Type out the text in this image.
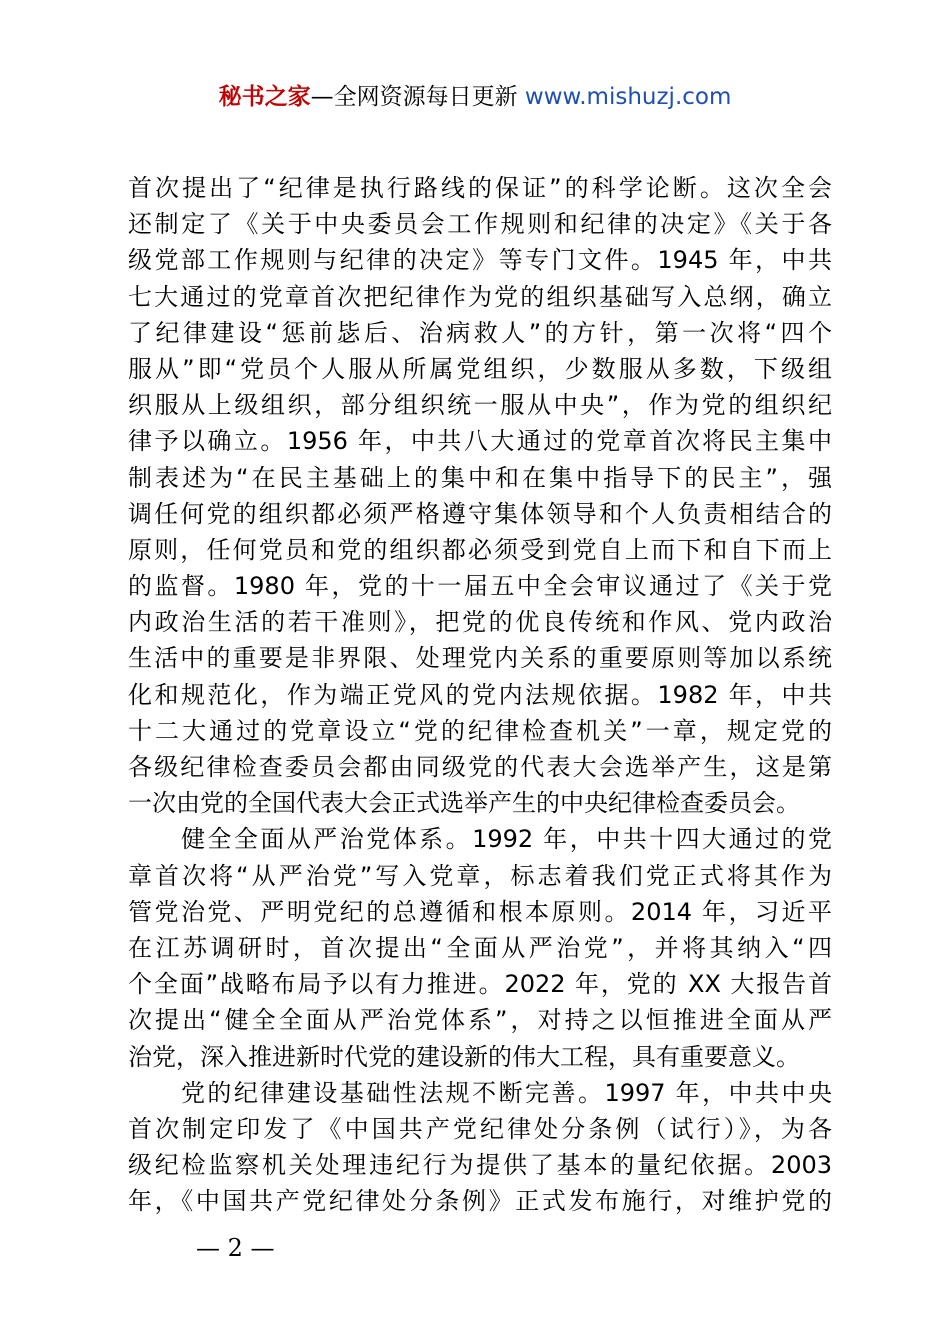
秘书之家—全网资源每日更新 www.mishuzj.com
首次提出了“纪律是执行路线的保证”的科学论断。这次全会
还制定了《关于中央委员会工作规则和纪律的决定》《关于各
级党部工作规则与纪律的决定》等专门文件。1945 年，中共
七大通过的党章首次把纪律作为党的组织基础写入总纲，确立
了纪律建设“惩前毖后、治病救人”的方针，第一次将“四个
服从”即“党员个人服从所属党组织，少数服从多数，下级组
织服从上级组织，部分组织统一服从中央”，作为党的组织纪
律予以确立。1956 年，中共八大通过的党章首次将民主集中
制表述为“在民主基础上的集中和在集中指导下的民主”，强
调任何党的组织都必须严格遵守集体领导和个人负责相结合的
原则，任何党员和党的组织都必须受到党自上而下和自下而上
的监督。1980 年，党的十一届五中全会审议通过了《关于党
内政治生活的若干准则》，把党的优良传统和作风、党内政治
生活中的重要是非界限、处理党内关系的重要原则等加以系统
化和规范化，作为端正党风的党内法规依据。1982 年，中共
十二大通过的党章设立“党的纪律检查机关”一章，规定党的
各级纪律检查委员会都由同级党的代表大会选举产生，这是第
一次由党的全国代表大会正式选举产生的中央纪律检查委员会。
　　健全全面从严治党体系。1992 年，中共十四大通过的党
章首次将“从严治党”写入党章，标志着我们党正式将其作为
管党治党、严明党纪的总遵循和根本原则。2014 年，习近平
在江苏调研时，首次提出“全面从严治党”，并将其纳入“四
个全面”战略布局予以有力推进。2022 年，党的 XX 大报告首
次提出“健全全面从严治党体系”，对持之以恒推进全面从严
治党，深入推进新时代党的建设新的伟大工程，具有重要意义。
　　党的纪律建设基础性法规不断完善。1997 年，中共中央
首次制定印发了《中国共产党纪律处分条例（试行）》，为各
级纪检监察机关处理违纪行为提供了基本的量纪依据。2003
年，《中国共产党纪律处分条例》正式发布施行，对维护党的
— 2 —
